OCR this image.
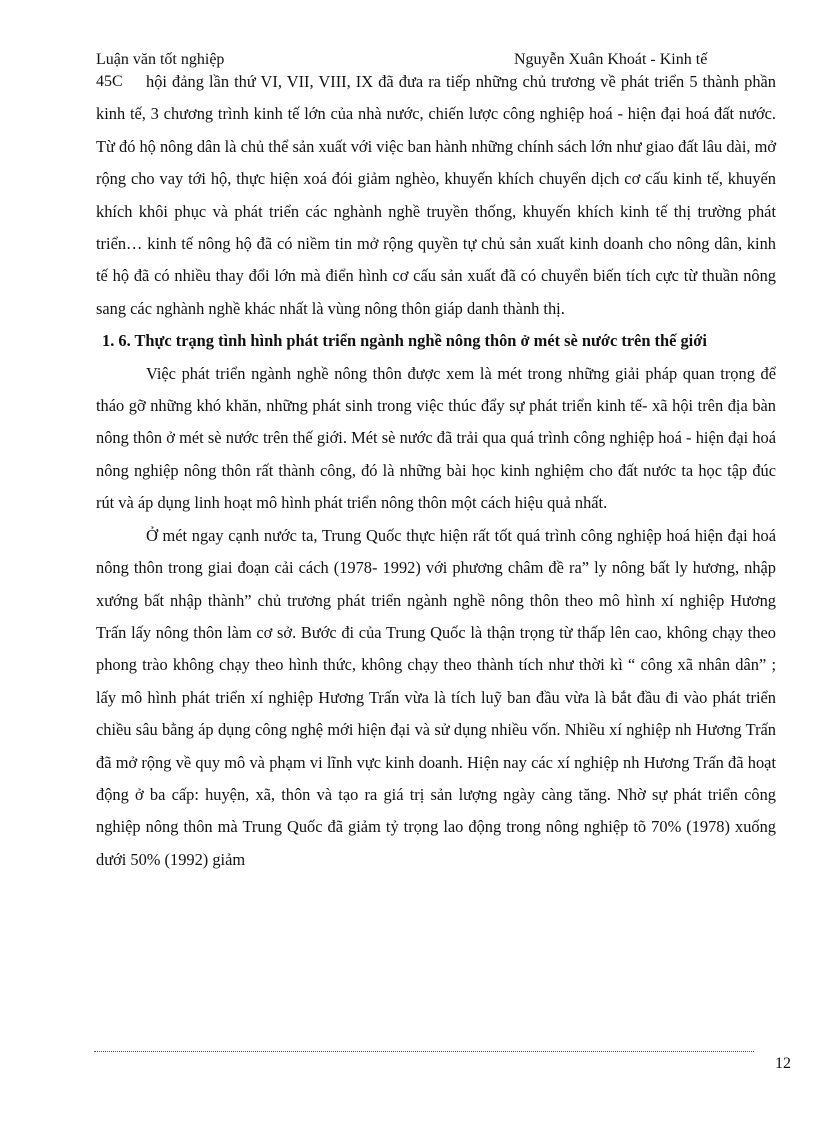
Luận văn tốt nghiệp	Nguyễn Xuân Khoát - Kinh tế
45C	hội đảng lần thứ VI, VII, VIII, IX đã đưa ra tiếp những chủ trương về phát triển 5 thành phần kinh tế, 3 chương trình kinh tế lớn của nhà nước, chiến lược công nghiệp hoá - hiện đại hoá đất nước. Từ đó hộ nông dân là chủ thể sản xuất với việc ban hành những chính sách lớn như giao đất lâu dài, mở rộng cho vay tới hộ, thực hiện xoá đói giảm nghèo, khuyến khích chuyển dịch cơ cấu kinh tế, khuyến khích khôi phục và phát triển các nghành nghề truyền thống, khuyến khích kinh tế thị trường phát triển… kinh tế nông hộ đã có niềm tin mở rộng quyền tự chủ sản xuất kinh doanh cho nông dân, kinh tế hộ đã có nhiều thay đổi lớn mà điển hình cơ cấu sản xuất đã có chuyển biến tích cực từ thuần nông sang các nghành nghề khác nhất là vùng nông thôn giáp danh thành thị.

1. 6. Thực trạng tình hình phát triển ngành nghề nông thôn ở mét sè nước trên thế giới

Việc phát triển ngành nghề nông thôn được xem là mét trong những giải pháp quan trọng để tháo gỡ những khó khăn, những phát sinh trong việc thúc đẩy sự phát triển kinh tế- xã hội trên địa bàn nông thôn ở mét sè nước trên thế giới. Mét sè nước đã trải qua quá trình công nghiệp hoá - hiện đại hoá nông nghiệp nông thôn rất thành công, đó là những bài học kinh nghiệm cho đất nước ta học tập đúc rút và áp dụng linh hoạt mô hình phát triển nông thôn một cách hiệu quả nhất.

Ở mét ngay cạnh nước ta, Trung Quốc thực hiện rất tốt quá trình công nghiệp hoá hiện đại hoá nông thôn trong giai đoạn cải cách (1978- 1992) với phương châm đề ra” ly nông bất ly hương, nhập xướng bất nhập thành” chủ trương phát triển ngành nghề nông thôn theo mô hình xí nghiệp Hương Trấn lấy nông thôn làm cơ sở. Bước đi của Trung Quốc là thận trọng từ thấp lên cao, không chạy theo phong trào không chạy theo hình thức, không chạy theo thành tích như thời kì “ công xã nhân dân” ; lấy mô hình phát triển xí nghiệp Hương Trấn vừa là tích luỹ ban đầu vừa là bắt đầu đi vào phát triển chiều sâu bằng áp dụng công nghệ mới hiện đại và sử dụng nhiều vốn. Nhiều xí nghiệp nh Hương Trấn đã mở rộng về quy mô và phạm vi lĩnh vực kinh doanh. Hiện nay các xí nghiệp nh Hương Trấn đã hoạt động ở ba cấp: huyện, xã, thôn và tạo ra giá trị sản lượng ngày càng tăng. Nhờ sự phát triển công nghiệp nông thôn mà Trung Quốc đã giảm tỷ trọng lao động trong nông nghiệp tõ 70% (1978) xuống dưới 50% (1992) giảm

12
